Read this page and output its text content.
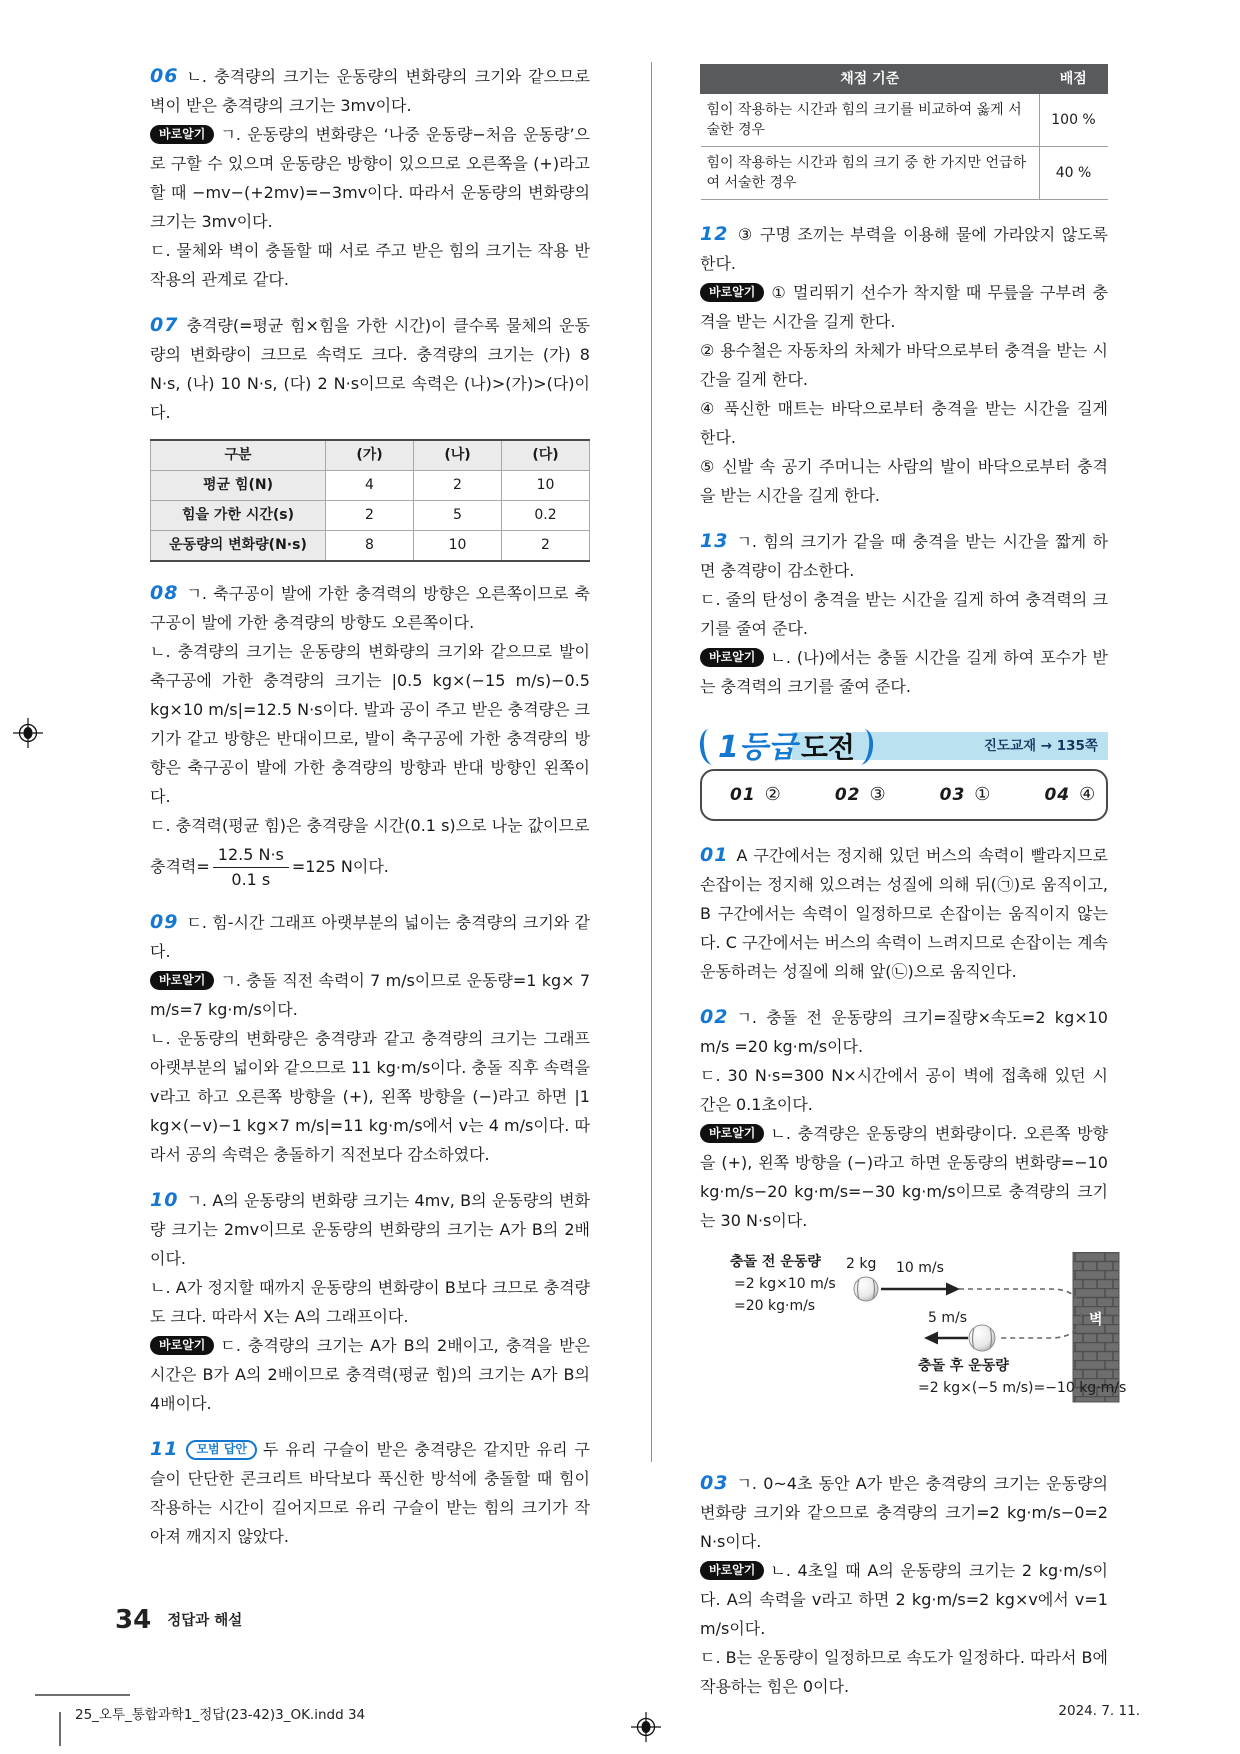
06 ㄴ. 충격량의 크기는 운동량의 변화량의 크기와 같으므로 벽이 받은 충격량의 크기는 3mv이다.

바로알기 ㄱ. 운동량의 변화량은 ‘나중 운동량−처음 운동량’으로 구할 수 있으며 운동량은 방향이 있으므로 오른쪽을 (+)라고 할 때 −mv−(+2mv)=−3mv이다. 따라서 운동량의 변화량의 크기는 3mv이다.

ㄷ. 물체와 벽이 충돌할 때 서로 주고 받은 힘의 크기는 작용 반작용의 관계로 같다.

07 충격량(=평균 힘×힘을 가한 시간)이 클수록 물체의 운동량의 변화량이 크므로 속력도 크다. 충격량의 크기는 (가) 8 N·s, (나) 10 N·s, (다) 2 N·s이므로 속력은 (나)>(가)>(다)이다.

구분	(가)	(나)	(다)
평균 힘(N)	4	2	10
힘을 가한 시간(s)	2	5	0.2
운동량의 변화량(N·s)	8	10	2

08 ㄱ. 축구공이 발에 가한 충격력의 방향은 오른쪽이므로 축구공이 발에 가한 충격량의 방향도 오른쪽이다.

ㄴ. 충격량의 크기는 운동량의 변화량의 크기와 같으므로 발이 축구공에 가한 충격량의 크기는 |0.5 kg×(−15 m/s)−0.5 kg×10 m/s|=12.5 N·s이다. 발과 공이 주고 받은 충격량은 크기가 같고 방향은 반대이므로, 발이 축구공에 가한 충격량의 방향은 축구공이 발에 가한 충격량의 방향과 반대 방향인 왼쪽이다.

ㄷ. 충격력(평균 힘)은 충격량을 시간(0.1 s)으로 나눈 값이므로

충격력= $\frac{12.5 N\cdot s}{0.1 s} =125$ N이다.

09 ㄷ. 힘-시간 그래프 아랫부분의 넓이는 충격량의 크기와 같다.

바로알기 ㄱ. 충돌 직전 속력이 7 m/s이므로 운동량=1 kg× 7 m/s=7 kg·m/s이다.

ㄴ. 운동량의 변화량은 충격량과 같고 충격량의 크기는 그래프 아랫부분의 넓이와 같으므로 11 kg·m/s이다. 충돌 직후 속력을 v라고 하고 오른쪽 방향을 (+), 왼쪽 방향을 (−)라고 하면 |1 kg×(−v)−1 kg×7 m/s|=11 kg·m/s에서 v는 4 m/s이다. 따라서 공의 속력은 충돌하기 직전보다 감소하였다.

10 ㄱ. A의 운동량의 변화량 크기는 4mv, B의 운동량의 변화량 크기는 2mv이므로 운동량의 변화량의 크기는 A가 B의 2배이다.

ㄴ. A가 정지할 때까지 운동량의 변화량이 B보다 크므로 충격량도 크다. 따라서 X는 A의 그래프이다.

바로알기 ㄷ. 충격량의 크기는 A가 B의 2배이고, 충격을 받은 시간은 B가 A의 2배이므로 충격력(평균 힘)의 크기는 A가 B의 4배이다.

11 모범 답안 두 유리 구슬이 받은 충격량은 같지만 유리 구슬이 단단한 콘크리트 바닥보다 푹신한 방석에 충돌할 때 힘이 작용하는 시간이 길어지므로 유리 구슬이 받는 힘의 크기가 작아져 깨지지 않았다.

채점 기준	배점
힘이 작용하는 시간과 힘의 크기를 비교하여 옳게 서술한 경우	100 %
힘이 작용하는 시간과 힘의 크기 중 한 가지만 언급하여 서술한 경우	40 %

12 ③ 구명 조끼는 부력을 이용해 물에 가라앉지 않도록 한다.

바로알기 ① 멀리뛰기 선수가 착지할 때 무릎을 구부려 충격을 받는 시간을 길게 한다.

② 용수철은 자동차의 차체가 바닥으로부터 충격을 받는 시간을 길게 한다.

④ 푹신한 매트는 바닥으로부터 충격을 받는 시간을 길게 한다.

⑤ 신발 속 공기 주머니는 사람의 발이 바닥으로부터 충격을 받는 시간을 길게 한다.

13 ㄱ. 힘의 크기가 같을 때 충격을 받는 시간을 짧게 하면 충격량이 감소한다.

ㄷ. 줄의 탄성이 충격을 받는 시간을 길게 하여 충격력의 크기를 줄여 준다.

바로알기 ㄴ. (나)에서는 충돌 시간을 길게 하여 포수가 받는 충격력의 크기를 줄여 준다.

진도교재 → 135쪽
1등급 도전
01 ②	02 ③	03 ①	04 ④

01 A 구간에서는 정지해 있던 버스의 속력이 빨라지므로 손잡이는 정지해 있으려는 성질에 의해 뒤(㉠)로 움직이고, B 구간에서는 속력이 일정하므로 손잡이는 움직이지 않는다. C 구간에서는 버스의 속력이 느려지므로 손잡이는 계속 운동하려는 성질에 의해 앞(㉡)으로 움직인다.

02 ㄱ. 충돌 전 운동량의 크기=질량×속도=2 kg×10 m/s =20 kg·m/s이다.

ㄷ. 30 N·s=300 N×시간에서 공이 벽에 접촉해 있던 시간은 0.1초이다.

바로알기 ㄴ. 충격량은 운동량의 변화량이다. 오른쪽 방향을 (+), 왼쪽 방향을 (−)라고 하면 운동량의 변화량=−10 kg·m/s−20 kg·m/s=−30 kg·m/s이므로 충격량의 크기는 30 N·s이다.

충돌 전 운동량
=2 kg×10 m/s
=20 kg·m/s
2 kg 10 m/s
5 m/s	벽
충돌 후 운동량
=2 kg×(−5 m/s)=−10 kg·m/s

03 ㄱ. 0~4초 동안 A가 받은 충격량의 크기는 운동량의 변화량 크기와 같으므로 충격량의 크기=2 kg·m/s−0=2 N·s이다.

바로알기 ㄴ. 4초일 때 A의 운동량의 크기는 2 kg·m/s이다. A의 속력을 v라고 하면 2 kg·m/s=2 kg×v에서 v=1 m/s이다.

ㄷ. B는 운동량이 일정하므로 속도가 일정하다. 따라서 B에 작용하는 힘은 0이다.

34 정답과 해설
25_오투_통합과학1_정답(23-42)3_OK.indd 34	2024. 7. 11.
